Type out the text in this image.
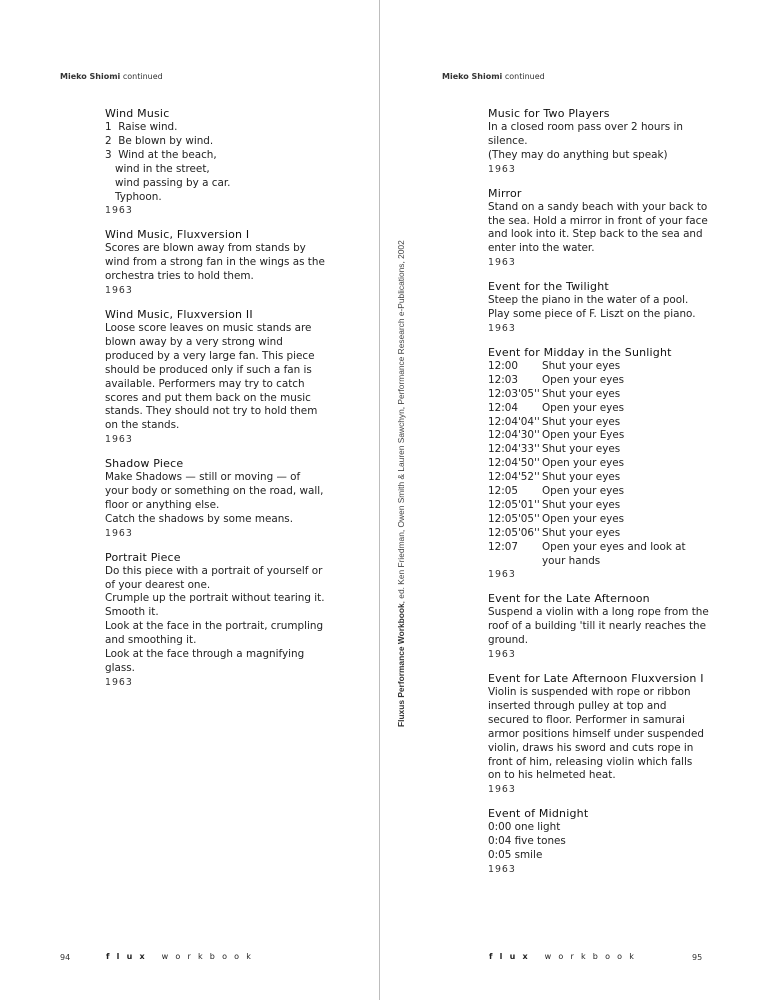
Mieko Shiomi continued	Mieko Shiomi continued
Wind Music
1  Raise wind.
2  Be blown by wind.
3  Wind at the beach,
wind in the street,
wind passing by a car.
Typhoon.
1963
Wind Music, Fluxversion I
Scores are blown away from stands by
wind from a strong fan in the wings as the
orchestra tries to hold them.
1963
Wind Music, Fluxversion II
Loose score leaves on music stands are
blown away by a very strong wind
produced by a very large fan. This piece
should be produced only if such a fan is
available. Performers may try to catch
scores and put them back on the music
stands. They should not try to hold them
on the stands.
1963
Shadow Piece
Make Shadows — still or moving — of
your body or something on the road, wall,
floor or anything else.
Catch the shadows by some means.
1963
Portrait Piece
Do this piece with a portrait of yourself or
of your dearest one.
Crumple up the portrait without tearing it.
Smooth it.
Look at the face in the portrait, crumpling
and smoothing it.
Look at the face through a magnifying
glass.
1963
Music for Two Players
In a closed room pass over 2 hours in
silence.
(They may do anything but speak)
1963
Mirror
Stand on a sandy beach with your back to
the sea. Hold a mirror in front of your face
and look into it. Step back to the sea and
enter into the water.
1963
Event for the Twilight
Steep the piano in the water of a pool.
Play some piece of F. Liszt on the piano.
1963
Event for Midday in the Sunlight
12:00	Shut your eyes
12:03	Open your eyes
12:03'05''	Shut your eyes
12:04	Open your eyes
12:04'04''	Shut your eyes
12:04'30''	Open your Eyes
12:04'33''	Shut your eyes
12:04'50''	Open your eyes
12:04'52''	Shut your eyes
12:05	Open your eyes
12:05'01''	Shut your eyes
12:05'05''	Open your eyes
12:05'06''	Shut your eyes
12:07	Open your eyes and look at
	your hands
1963
Event for the Late Afternoon
Suspend a violin with a long rope from the
roof of a building 'till it nearly reaches the
ground.
1963
Event for Late Afternoon Fluxversion I
Violin is suspended with rope or ribbon
inserted through pulley at top and
secured to floor. Performer in samurai
armor positions himself under suspended
violin, draws his sword and cuts rope in
front of him, releasing violin which falls
on to his helmeted heat.
1963
Event of Midnight
0:00 one light
0:04 five tones
0:05 smile
1963
Fluxus Performance Workbook, ed. Ken Friedman, Owen Smith & Lauren Sawchyn, Performance Research e-Publications, 2002
94	flux workbook	flux workbook	95
